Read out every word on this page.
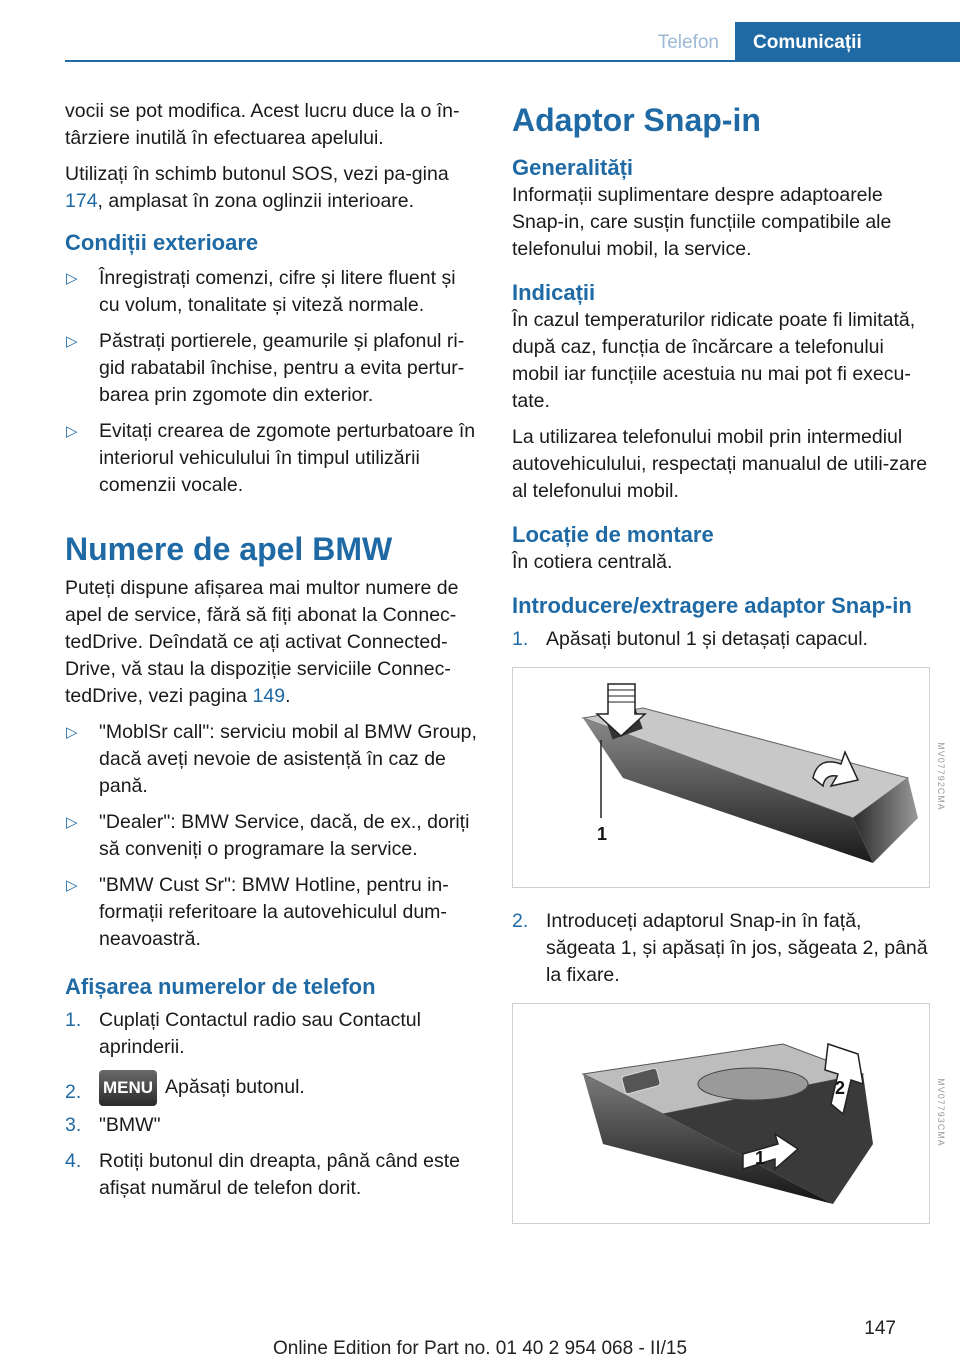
Telefon	Comunicații

vocii se pot modifica. Acest lucru duce la o în-târziere inutilă în efectuarea apelului.

Utilizați în schimb butonul SOS, vezi pa-gina 174, amplasat în zona oglinzii interioare.

Condiții exterioare
▷ Înregistrați comenzi, cifre și litere fluent și cu volum, tonalitate și viteză normale.
▷ Păstrați portierele, geamurile și plafonul ri-gid rabatabil închise, pentru a evita pertur-barea prin zgomote din exterior.
▷ Evitați crearea de zgomote perturbatoare în interiorul vehiculului în timpul utilizării comenzii vocale.
Numere de apel BMW

Puteți dispune afișarea mai multor numere de apel de service, fără să fiți abonat la Connec-tedDrive. Deîndată ce ați activat Connected-Drive, vă stau la dispoziție serviciile Connec-tedDrive, vezi pagina 149.

▷ "MoblSr call": serviciu mobil al BMW Group, dacă aveți nevoie de asistență în caz de pană.
▷ "Dealer": BMW Service, dacă, de ex., doriți să conveniți o programare la service.
▷ "BMW Cust Sr": BMW Hotline, pentru in-formații referitoare la autovehiculul dum-neavoastră.
Afișarea numerelor de telefon
1. Cuplați Contactul radio sau Contactul aprinderii.
2. MENU Apăsați butonul.
3. "BMW"
4. Rotiți butonul din dreapta, până când este afișat numărul de telefon dorit.
Adaptor Snap-in
Generalități

Informații suplimentare despre adaptoarele Snap-in, care susțin funcțiile compatibile ale telefonului mobil, la service.

Indicații

În cazul temperaturilor ridicate poate fi limitată, după caz, funcția de încărcare a telefonului mobil iar funcțiile acestuia nu mai pot fi execu-tate.

La utilizarea telefonului mobil prin intermediul autovehiculului, respectați manualul de utili-zare al telefonului mobil.

Locație de montare

În cotiera centrală.

Introducere/extragere adaptor Snap-in
1. Apăsați butonul 1 și detașați capacul.
1
MV07792CMA
2. Introduceți adaptorul Snap-in în față, săgeata 1, și apăsați în jos, săgeata 2, până la fixare.
2
1
MV07793CMA
147
Online Edition for Part no. 01 40 2 954 068 - II/15
